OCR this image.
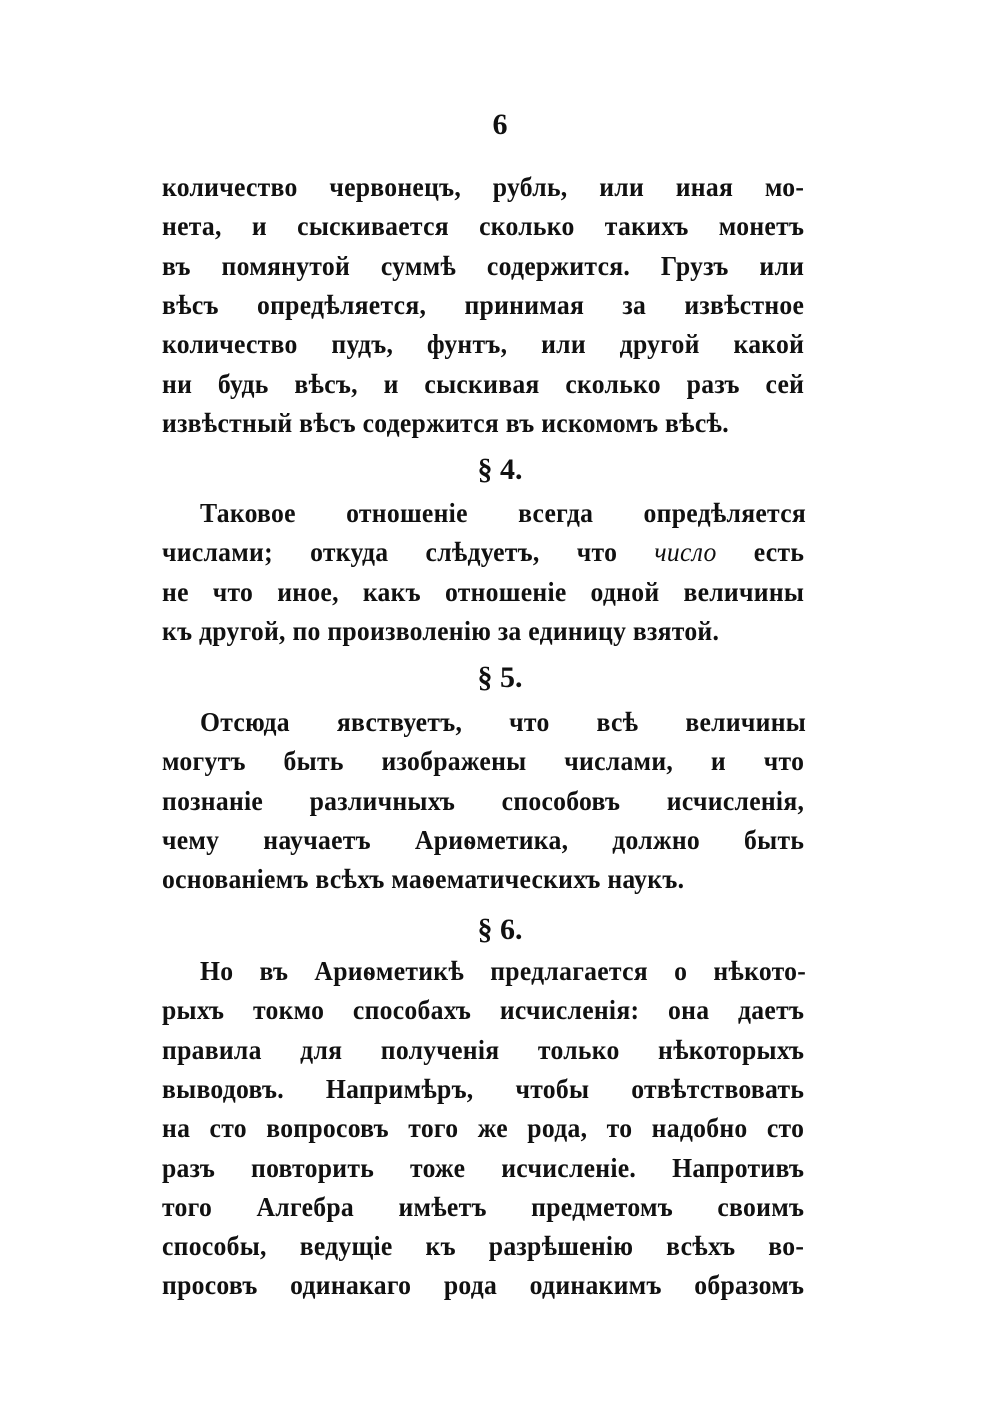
6
количество червонецъ, рубль, или иная мо-
нета, и сыскивается сколько такихъ монетъ
въ помянутой суммѣ содержится. Грузъ или
вѣсъ опредѣляется, принимая за извѣстное
количество пудъ, фунтъ, или другой какой
ни будь вѣсъ, и сыскивая сколько разъ сей
извѣстный вѣсъ содержится въ искомомъ вѣсѣ.
§ 4.
Таковое отношеніе всегда опредѣляется
числами; откуда слѣдуетъ, что число есть
не что иное, какъ отношеніе одной величины
къ другой, по произволенію за единицу взятой.
§ 5.
Отсюда явствуетъ, что всѣ величины
могутъ быть изображены числами, и что
познаніе различныхъ способовъ исчисленія,
чему научаетъ Ариѳметика, должно быть
основаніемъ всѣхъ маѳематическихъ наукъ.
§ 6.
Но въ Ариѳметикѣ предлагается о нѣкото-
рыхъ токмо способахъ исчисленія: она даетъ
правила для полученія только нѣкоторыхъ
выводовъ. Напримѣръ, чтобы отвѣтствовать
на сто вопросовъ того же рода, то надобно сто
разъ повторить тоже исчисленіе. Напротивъ
того Алгебра имѣетъ предметомъ своимъ
способы, ведущіе къ разрѣшенію всѣхъ во-
просовъ одинакаго рода одинакимъ образомъ
